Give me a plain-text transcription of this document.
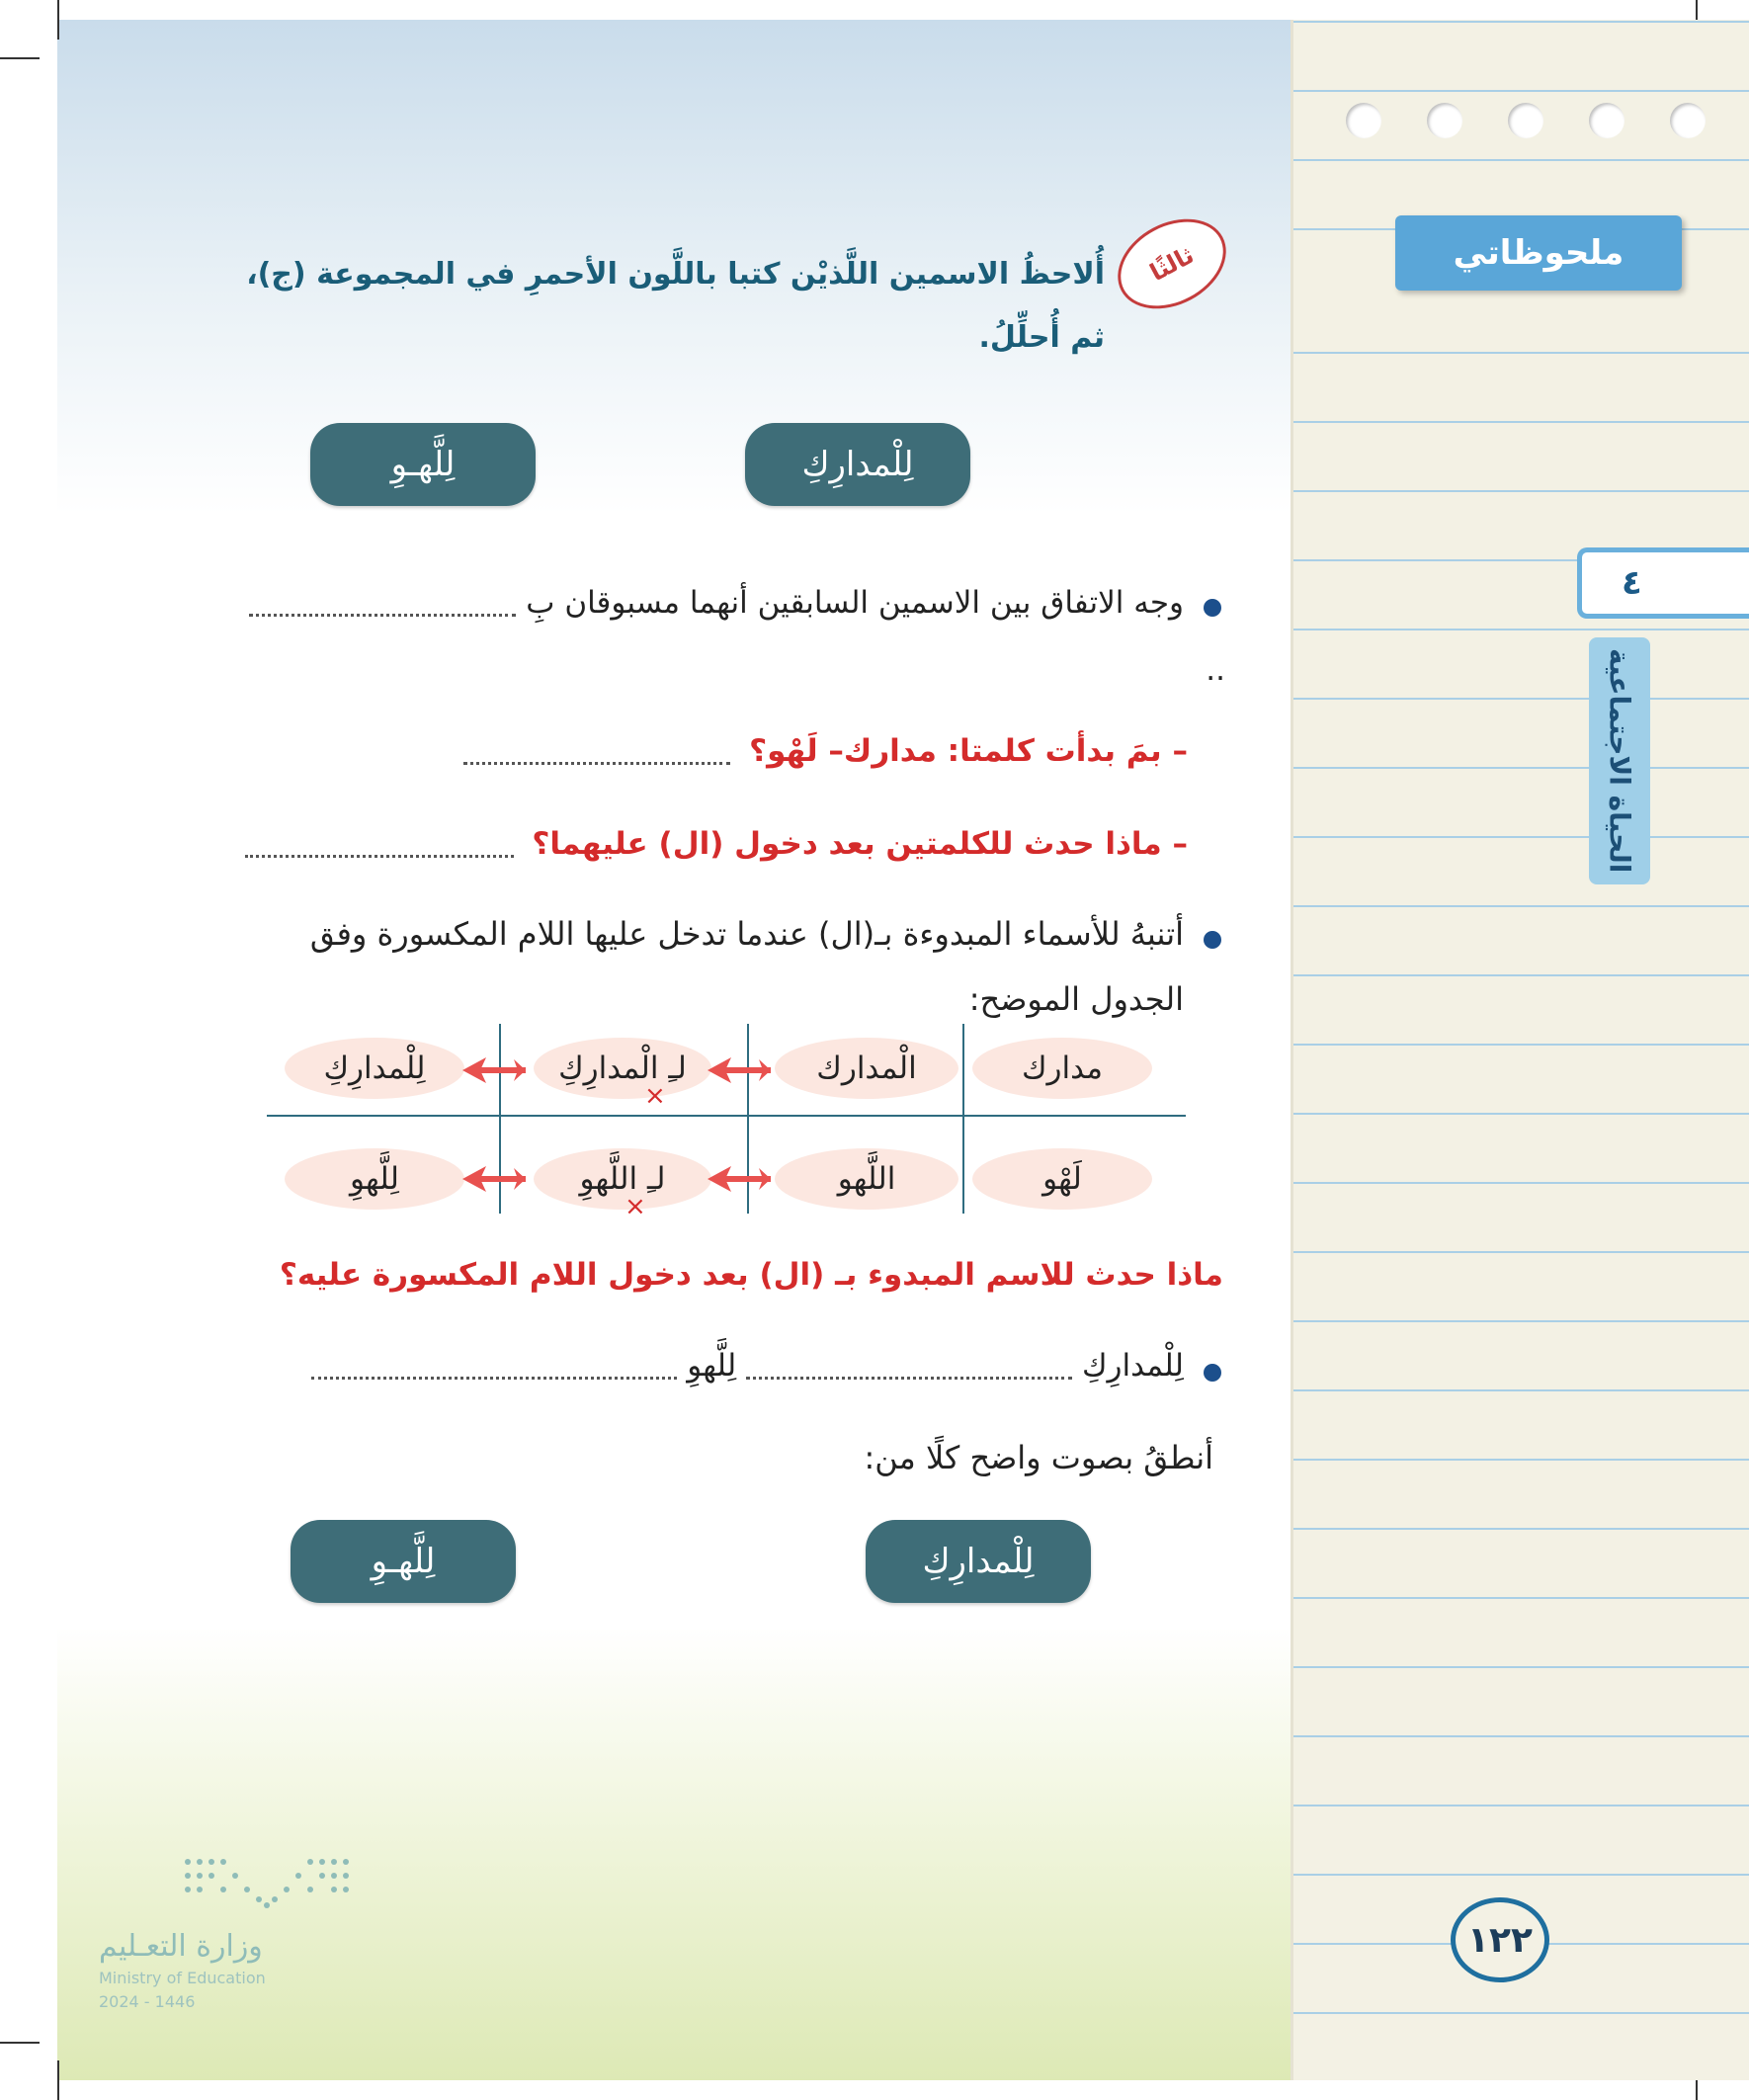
ملحوظاتي
٤
الحياة الاجتماعية
١٢٢
ثالثًا
أُلاحظُ الاسمين اللَّذيْن كتبا باللَّون الأحمرِ في المجموعة (ج)، ثم أُحلِّلُ.
لِلْمدارِكِ
لِلَّهـوِ
وجه الاتفاق بين الاسمين السابقين أنهما مسبوقان بِ
..
– بمَ بدأت كلمتا: مدارك– لَهْو؟
– ماذا حدث للكلمتين بعد دخول (ال) عليهما؟
أتنبهُ للأسماء المبدوءة بـ(ال) عندما تدخل عليها اللام المكسورة وفق
الجدول الموضح:
مدارك
الْمدارك
لـِ الْمدارِكِ
لِلْمدارِكِ
لَهْو
اللَّهو
لـِ اللَّهوِ
لِلَّهوِ
×
×
ماذا حدث للاسم المبدوء بـ (ال) بعد دخول اللام المكسورة عليه؟
لِلْمدارِكِ  لِلَّهوِ
أنطقُ بصوت واضح كلًا من:
لِلْمدارِكِ
لِلَّهـوِ
وزارة التعـليم
Ministry of Education
2024 - 1446
